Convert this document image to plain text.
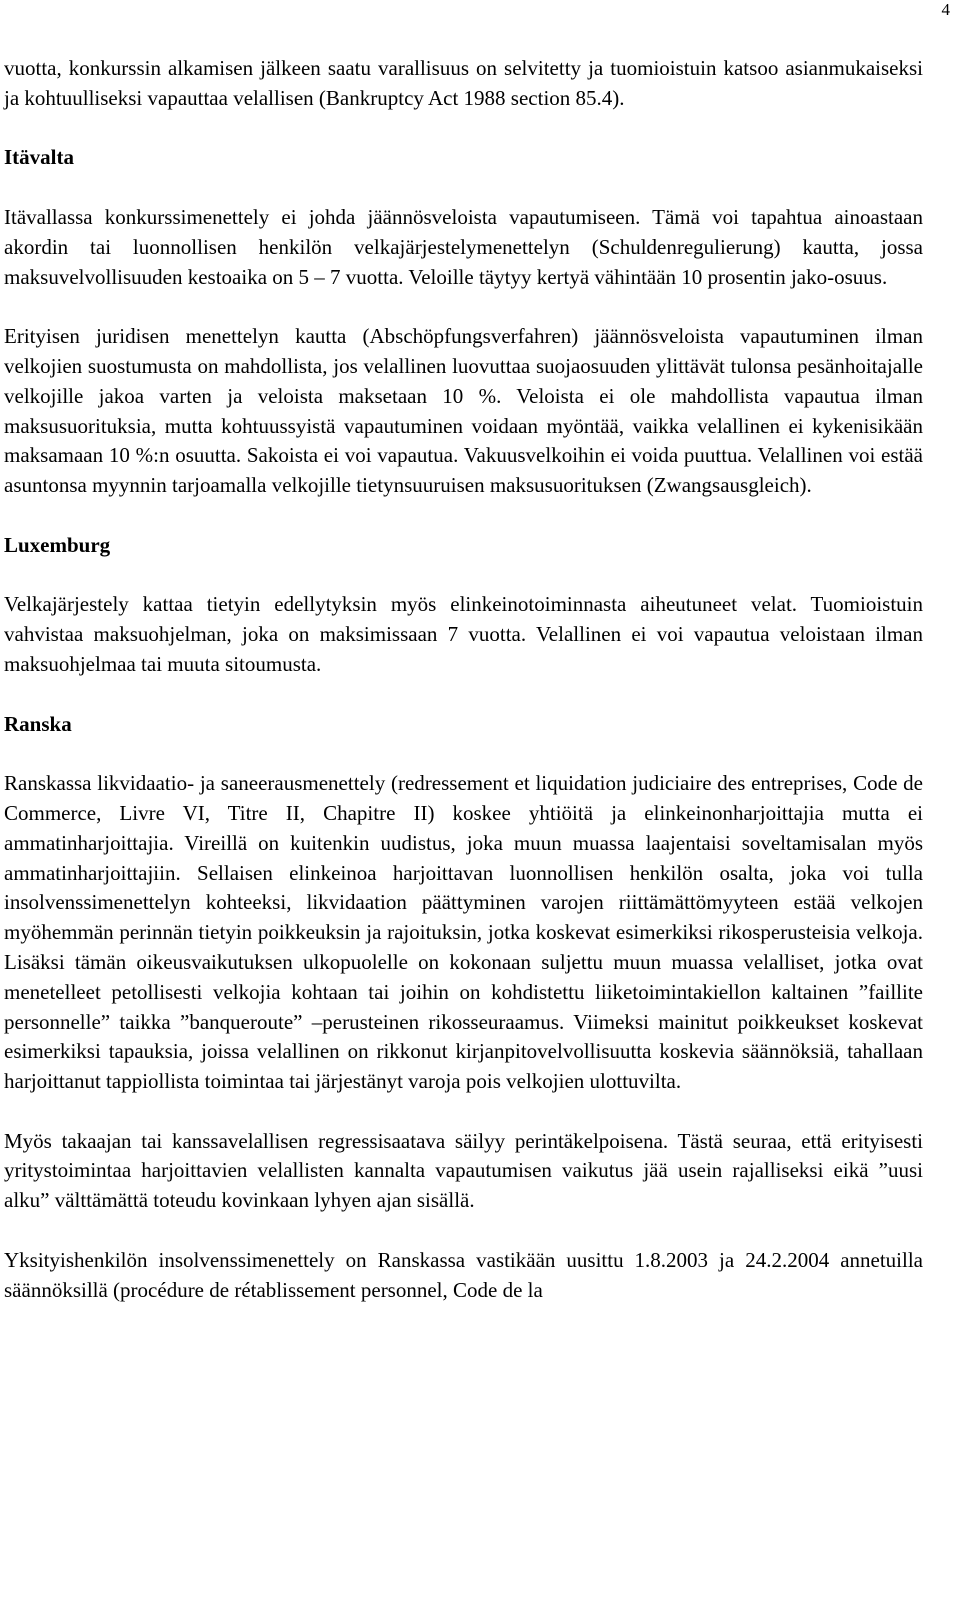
4

vuotta, konkurssin alkamisen jälkeen saatu varallisuus on selvitetty ja tuomioistuin katsoo asianmukaiseksi ja kohtuulliseksi vapauttaa velallisen (Bankruptcy Act 1988 section 85.4).

Itävalta

Itävallassa konkurssimenettely ei johda jäännösveloista vapautumiseen. Tämä voi tapahtua ainoastaan akordin tai luonnollisen henkilön velkajärjestelymenettelyn (Schuldenregulierung) kautta, jossa maksuvelvollisuuden kestoaika on 5 – 7 vuotta. Veloille täytyy kertyä vähintään 10 prosentin jako-osuus.

Erityisen juridisen menettelyn kautta (Abschöpfungsverfahren) jäännösveloista vapautuminen ilman velkojien suostumusta on mahdollista, jos velallinen luovuttaa suojaosuuden ylittävät tulonsa pesänhoitajalle velkojille jakoa varten ja veloista maksetaan 10 %. Veloista ei ole mahdollista vapautua ilman maksusuorituksia, mutta kohtuussyistä vapautuminen voidaan myöntää, vaikka velallinen ei kykenisikään maksamaan 10 %:n osuutta. Sakoista ei voi vapautua. Vakuusvelkoihin ei voida puuttua. Velallinen voi estää asuntonsa myynnin tarjoamalla velkojille tietynsuuruisen maksusuorituksen (Zwangsausgleich).

Luxemburg

Velkajärjestely kattaa tietyin edellytyksin myös elinkeinotoiminnasta aiheutuneet velat. Tuomioistuin vahvistaa maksuohjelman, joka on maksimissaan 7 vuotta. Velallinen ei voi vapautua veloistaan ilman maksuohjelmaa tai muuta sitoumusta.

Ranska

Ranskassa likvidaatio- ja saneerausmenettely (redressement et liquidation judiciaire des entreprises, Code de Commerce, Livre VI, Titre II, Chapitre II) koskee yhtiöitä ja elinkeinonharjoittajia mutta ei ammatinharjoittajia. Vireillä on kuitenkin uudistus, joka muun muassa laajentaisi soveltamisalan myös ammatinharjoittajiin. Sellaisen elinkeinoa harjoittavan luonnollisen henkilön osalta, joka voi tulla insolvenssimenettelyn kohteeksi, likvidaation päättyminen varojen riittämättömyyteen estää velkojen myöhemmän perinnän tietyin poikkeuksin ja rajoituksin, jotka koskevat esimerkiksi rikosperusteisia velkoja. Lisäksi tämän oikeusvaikutuksen ulkopuolelle on kokonaan suljettu muun muassa velalliset, jotka ovat menetelleet petollisesti velkojia kohtaan tai joihin on kohdistettu liiketoimintakiellon kaltainen ”faillite personnelle” taikka ”banqueroute” –perusteinen rikosseuraamus. Viimeksi mainitut poikkeukset koskevat esimerkiksi tapauksia, joissa velallinen on rikkonut kirjanpitovelvollisuutta koskevia säännöksiä, tahallaan harjoittanut tappiollista toimintaa tai järjestänyt varoja pois velkojien ulottuvilta.

Myös takaajan tai kanssavelallisen regressisaatava säilyy perintäkelpoisena. Tästä seuraa, että erityisesti yritystoimintaa harjoittavien velallisten kannalta vapautumisen vaikutus jää usein rajalliseksi eikä ”uusi alku” välttämättä toteudu kovinkaan lyhyen ajan sisällä.

Yksityishenkilön insolvenssimenettely on Ranskassa vastikään uusittu 1.8.2003 ja 24.2.2004 annetuilla säännöksillä (procédure de rétablissement personnel, Code de la
